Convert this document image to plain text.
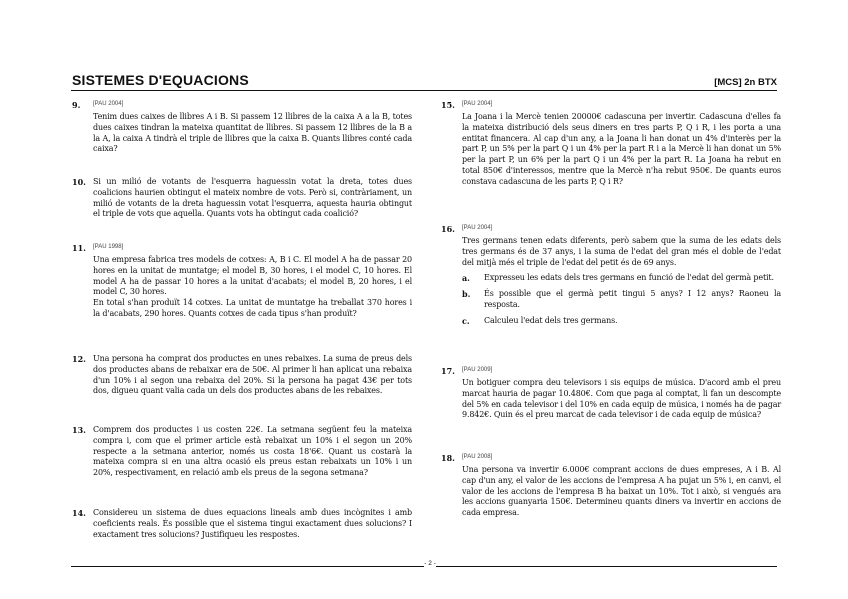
SISTEMES D'EQUACIONS	[MCS] 2n BTX
9. [PAU 2004]

Tenim dues caixes de llibres A i B. Si passem 12 llibres de la caixa A a la B, totes dues caixes tindran la mateixa quantitat de llibres. Si passem 12 llibres de la B a la A, la caixa A tindrà el triple de llibres que la caixa B. Quants llibres conté cada caixa?

10. Si un milió de votants de l'esquerra haguessin votat la dreta, totes dues coalicions haurien obtingut el mateix nombre de vots. Però si, contràriament, un milió de votants de la dreta haguessin votat l'esquerra, aquesta hauria obtingut el triple de vots que aquella. Quants vots ha obtingut cada coalició?

11. [PAU 1998]

Una empresa fabrica tres models de cotxes: A, B i C. El model A ha de passar 20 hores en la unitat de muntatge; el model B, 30 hores, i el model C, 10 hores. El model A ha de passar 10 hores a la unitat d'acabats; el model B, 20 hores, i el model C, 30 hores.

En total s'han produït 14 cotxes. La unitat de muntatge ha treballat 370 hores i la d'acabats, 290 hores. Quants cotxes de cada tipus s'han produït?

12. Una persona ha comprat dos productes en unes rebaixes. La suma de preus dels dos productes abans de rebaixar era de 50€. Al primer li han aplicat una rebaixa d'un 10% i al segon una rebaixa del 20%. Si la persona ha pagat 43€ per tots dos, digueu quant valia cada un dels dos productes abans de les rebaixes.

13. Comprem dos productes i us costen 22€. La setmana següent feu la mateixa compra i, com que el primer article està rebaixat un 10% i el segon un 20% respecte a la setmana anterior, només us costa 18'6€. Quant us costarà la mateixa compra si en una altra ocasió els preus estan rebaixats un 10% i un 20%, respectivament, en relació amb els preus de la segona setmana?

14. Considereu un sistema de dues equacions lineals amb dues incògnites i amb coeficients reals. És possible que el sistema tingui exactament dues solucions? I exactament tres solucions? Justifiqueu les respostes.

15. [PAU 2004]

La Joana i la Mercè tenien 20000€ cadascuna per invertir. Cadascuna d'elles fa la mateixa distribució dels seus diners en tres parts P, Q i R, i les porta a una entitat financera. Al cap d'un any, a la Joana li han donat un 4% d'interès per la part P, un 5% per la part Q i un 4% per la part R i a la Mercè li han donat un 5% per la part P, un 6% per la part Q i un 4% per la part R. La Joana ha rebut en total 850€ d'interessos, mentre que la Mercè n'ha rebut 950€. De quants euros constava cadascuna de les parts P, Q i R?

16. [PAU 2004]

Tres germans tenen edats diferents, però sabem que la suma de les edats dels tres germans és de 37 anys, i la suma de l'edat del gran més el doble de l'edat del mitjà més el triple de l'edat del petit és de 69 anys.

a.	Expresseu les edats dels tres germans en funció de l'edat del germà petit.
b.	És possible que el germà petit tingui 5 anys? I 12 anys? Raoneu la resposta.
c.	Calculeu l'edat dels tres germans.
17. [PAU 2009]

Un botiguer compra deu televisors i sis equips de música. D'acord amb el preu marcat hauria de pagar 10.480€. Com que paga al comptat, li fan un descompte del 5% en cada televisor i del 10% en cada equip de música, i només ha de pagar 9.842€. Quin és el preu marcat de cada televisor i de cada equip de música?

18. [PAU 2008]

Una persona va invertir 6.000€ comprant accions de dues empreses, A i B. Al cap d'un any, el valor de les accions de l'empresa A ha pujat un 5% i, en canvi, el valor de les accions de l'empresa B ha baixat un 10%. Tot i això, si vengués ara les accions guanyaria 150€. Determineu quants diners va invertir en accions de cada empresa.

- 2 -
